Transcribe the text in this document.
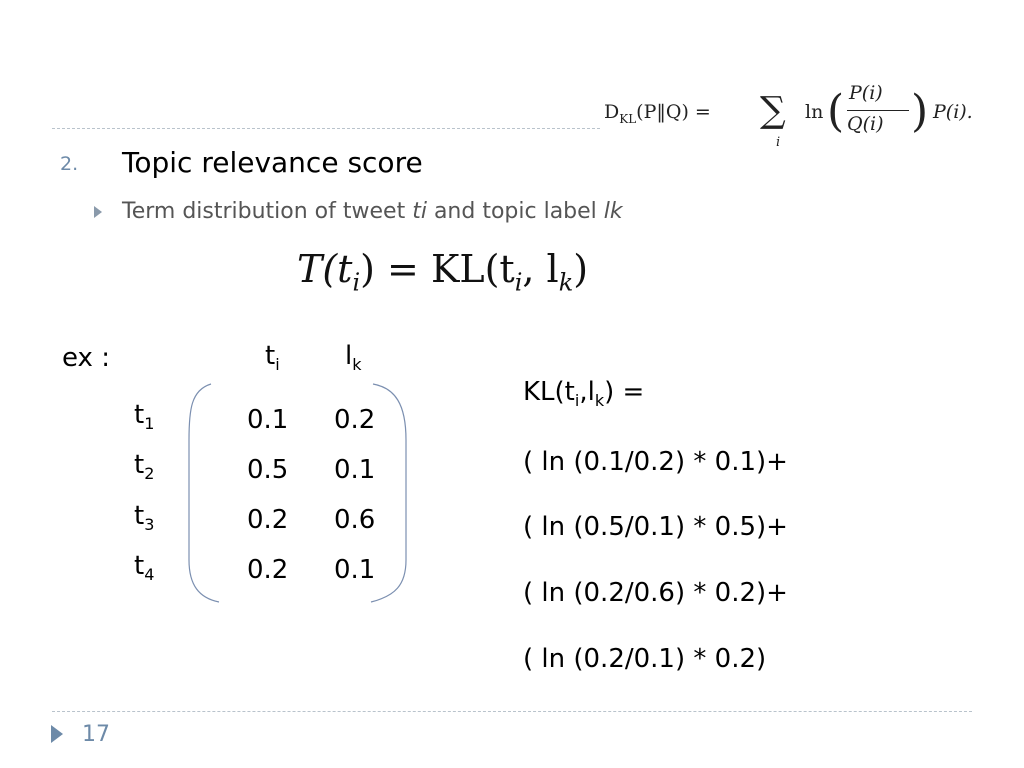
$D_{KL}(P‖Q)$ = ∑
i
ln ( P(i)
Q(i) ) P(i).
2. Topic relevance score
Term distribution of tweet ti and topic label lk
$T(t_i) = KL(t_i$, $l_k$)
ex :	$t_i$	$l_k$
$t_1$
$t_2$
$t_3$
$t_4$
0.1 0.2
0.5 0.1
0.2 0.6
0.2 0.1
$KL(t_i,l_k)$ =
( ln (0.1/0.2) * 0.1)+
( ln (0.5/0.1) * 0.5)+
( ln (0.2/0.6) * 0.2)+
( ln (0.2/0.1) * 0.2)
17
